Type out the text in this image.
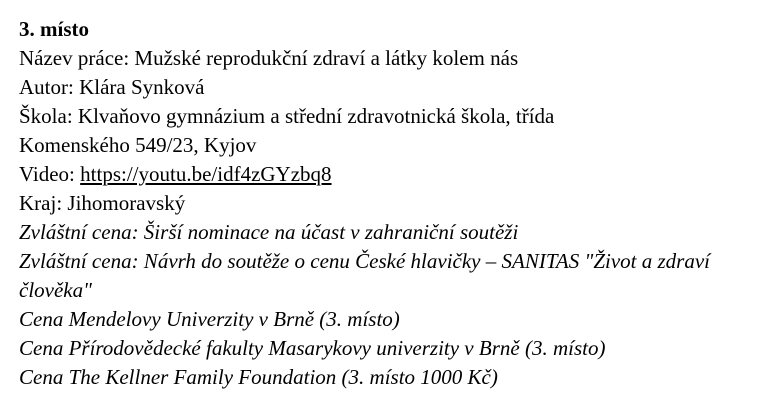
3. místo
Název práce: Mužské reprodukční zdraví a látky kolem nás
Autor: Klára Synková
Škola: Klvaňovo gymnázium a střední zdravotnická škola, třída
Komenského 549/23, Kyjov
Video: https://youtu.be/idf4zGYzbq8
Kraj: Jihomoravský
Zvláštní cena: Širší nominace na účast v zahraniční soutěži
Zvláštní cena: Návrh do soutěže o cenu České hlavičky – SANITAS "Život a zdraví člověka"
Cena Mendelovy Univerzity v Brně (3. místo)
Cena Přírodovědecké fakulty Masarykovy univerzity v Brně (3. místo)
Cena The Kellner Family Foundation (3. místo 1000 Kč)
